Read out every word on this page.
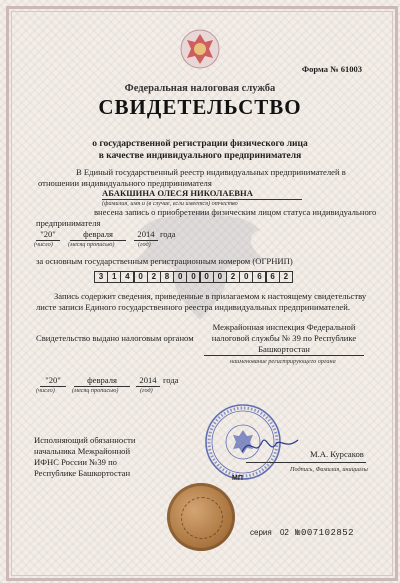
Форма № 61003
Федеральная налоговая служба
СВИДЕТЕЛЬСТВО
о государственной регистрации физического лица
в качестве индивидуального предпринимателя
В Единый государственный реестр индивидуальных предпринимателей в
отношении индивидуального предпринимателя
АБАКШИНА ОЛЕСЯ НИКОЛАЕВНА
(фамилия, имя и (в случае, если имеется) отчество
внесена запись о приобретении физическим лицом статуса индивидуального
предпринимателя
"20"	февраля	2014 года
(число) (месяц прописью)	(год)
за основным государственным регистрационным номером (ОГРНИП)
3	1	4	0	2	8	0	0	0	0	2	0	6	6	2
Запись содержит сведения, приведенные в прилагаемом к настоящему свидетельству
листе записи Единого государственного реестра индивидуальных предпринимателей.
Свидетельство выдано налоговым органом
Межрайонная инспекция Федеральной
налоговой службы № 39 по Республике
Башкортостан
наименование регистрирующего органа
"20"	февраля	2014 года
(число)	(месяц прописью)	(год)
Исполняющий обязанности
начальника Межрайонной
ИФНС России №39 по
Республике Башкортостан
М.А. Курсаков
Подпись, Фамилия, инициалы
МП
серия 02 №007102852
